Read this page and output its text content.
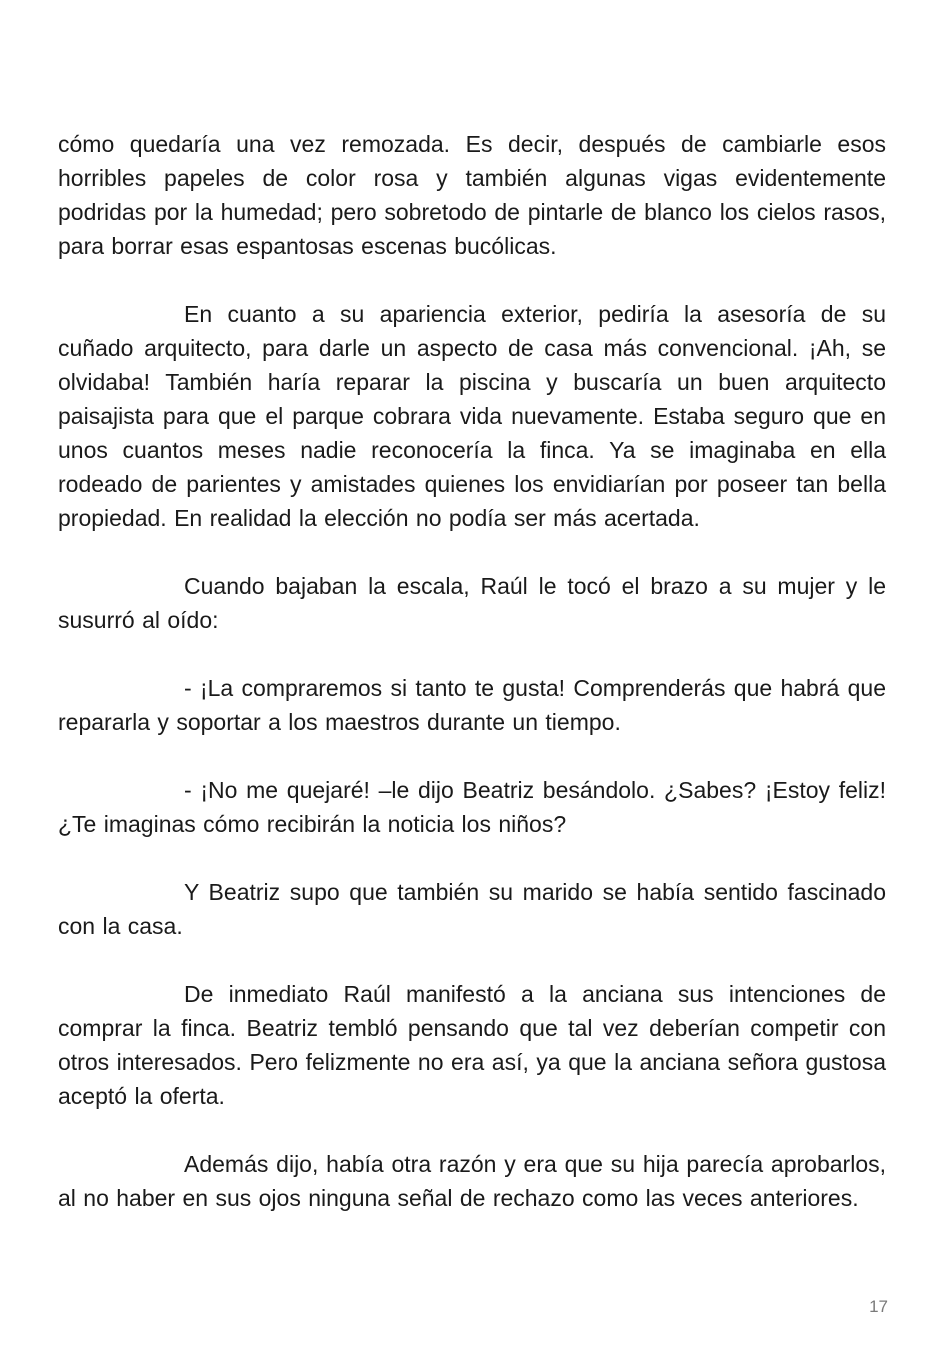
cómo quedaría una vez remozada. Es decir, después de cambiarle esos horribles papeles de color rosa y también algunas vigas evidentemente podridas por la humedad; pero sobretodo de pintarle de blanco los cielos rasos, para borrar esas espantosas escenas bucólicas.

En cuanto a su apariencia exterior, pediría la asesoría de su cuñado arquitecto, para darle un aspecto de casa más convencional. ¡Ah, se olvidaba! También haría reparar la piscina y buscaría un buen arquitecto paisajista para que el parque cobrara vida nuevamente. Estaba seguro que en unos cuantos meses nadie reconocería la finca. Ya se imaginaba en ella rodeado de parientes y amistades quienes los envidiarían por poseer tan bella propiedad. En realidad la elección no podía ser más acertada.

Cuando bajaban la escala, Raúl le tocó el brazo a su mujer y le susurró al oído:

- ¡La compraremos si tanto te gusta! Comprenderás que habrá que repararla y soportar a los maestros durante un tiempo.

- ¡No me quejaré! –le dijo Beatriz besándolo. ¿Sabes? ¡Estoy feliz! ¿Te imaginas cómo recibirán la noticia los niños?

Y Beatriz supo que también su marido se había sentido fascinado con la casa.

De inmediato Raúl manifestó a la anciana sus intenciones de comprar la finca. Beatriz tembló pensando que tal vez deberían competir con otros interesados. Pero felizmente no era así, ya que la anciana señora gustosa aceptó la oferta.

Además dijo, había otra razón y era que su hija parecía aprobarlos, al no haber en sus ojos ninguna señal de rechazo como las veces anteriores.

17
